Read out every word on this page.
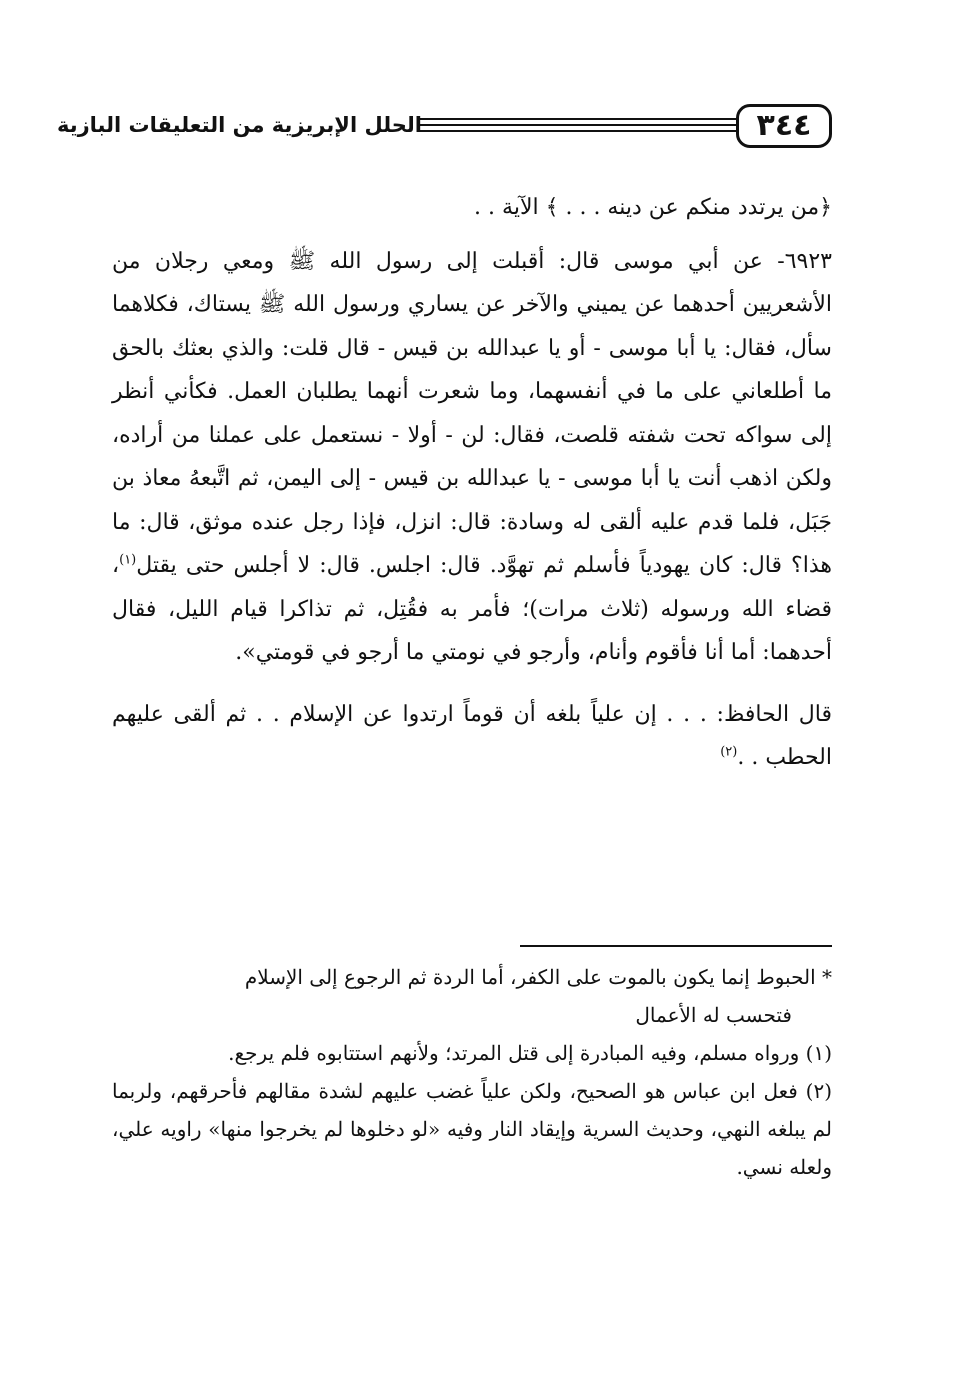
٣٤٤
الحلل الإبريزية من التعليقات البازية

﴿من يرتدد منكم عن دينه . . . ﴾ الآية . .

٦٩٢٣- عن أبي موسى قال: أقبلت إلى رسول الله ﷺ ومعي رجلان من الأشعريين أحدهما عن يميني والآخر عن يساري ورسول الله ﷺ يستاك، فكلاهما سأل، فقال: يا أبا موسى - أو يا عبدالله بن قيس - قال قلت: والذي بعثك بالحق ما أطلعاني على ما في أنفسهما، وما شعرت أنهما يطلبان العمل. فكأني أنظر إلى سواكه تحت شفته قلصت، فقال: لن - أولا - نستعمل على عملنا من أراده، ولكن اذهب أنت يا أبا موسى - يا عبدالله بن قيس - إلى اليمن، ثم اتَّبعهُ معاذ بن جَبَل، فلما قدم عليه ألقى له وسادة: قال: انزل، فإذا رجل عنده موثق، قال: ما هذا؟ قال: كان يهودياً فأسلم ثم تهوَّد. قال: اجلس. قال: لا أجلس حتى يقتل$^{(١)}$، قضاء الله ورسوله (ثلاث مرات)؛ فأمر به فقُتِل، ثم تذاكرا قيام الليل، فقال أحدهما: أما أنا فأقوم وأنام، وأرجو في نومتي ما أرجو في قومتي».

قال الحافظ: . . . إن علياً بلغه أن قوماً ارتدوا عن الإسلام . . ثم ألقى عليهم الحطب . .$^{(٢)}$

* الحبوط إنما يكون بالموت على الكفر، أما الردة ثم الرجوع إلى الإسلام

فتحسب له الأعمال

(١) ورواه مسلم، وفيه المبادرة إلى قتل المرتد؛ ولأنهم استتابوه فلم يرجع.

(٢) فعل ابن عباس هو الصحيح، ولكن علياً غضب عليهم لشدة مقالهم فأحرقهم، ولربما لم يبلغه النهي، وحديث السرية وإيقاد النار وفيه «لو دخلوها لم يخرجوا منها» راويه علي، ولعله نسي.
